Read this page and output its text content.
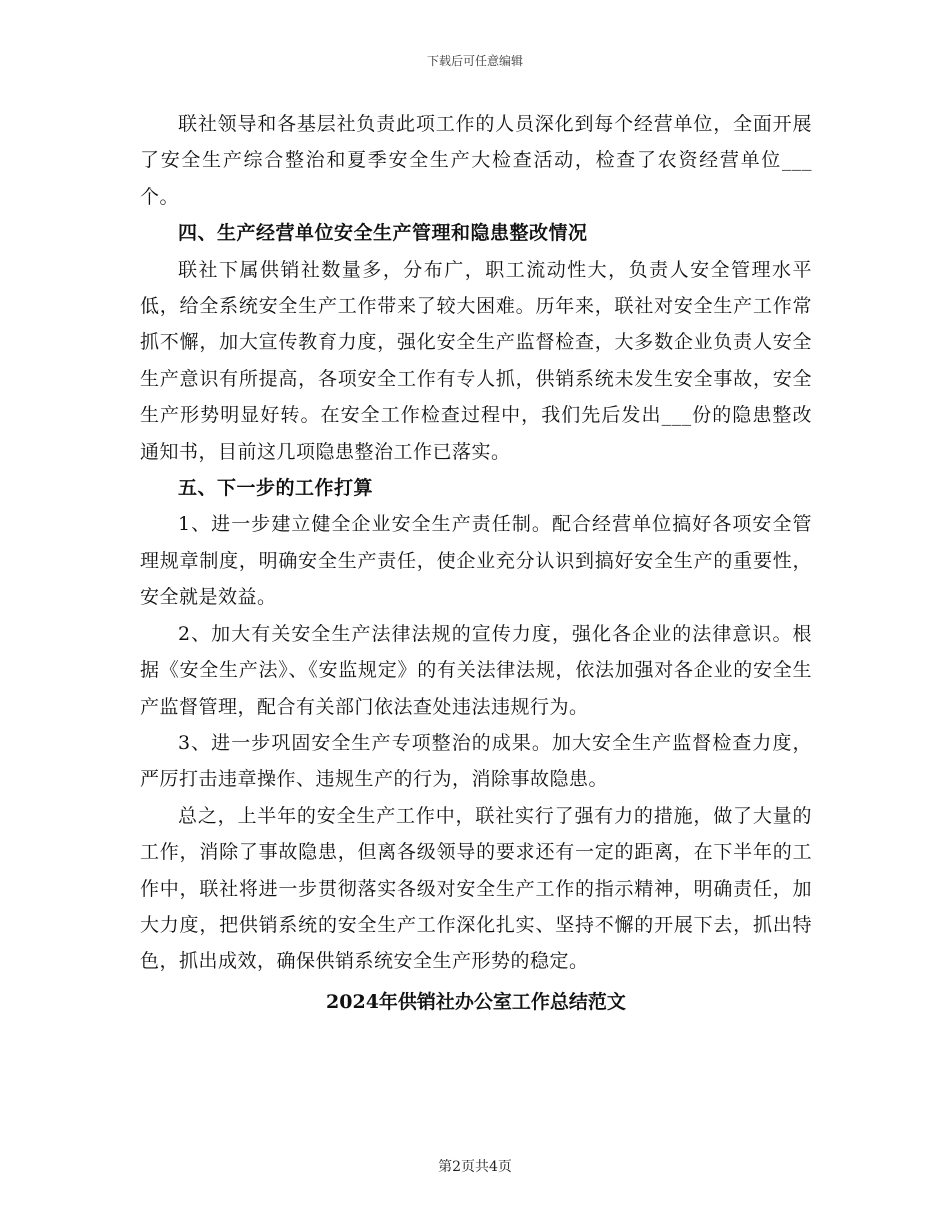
下载后可任意编辑

联社领导和各基层社负责此项工作的人员深化到每个经营单位，全面开展了安全生产综合整治和夏季安全生产大检查活动，检查了农资经营单位___个。

四、生产经营单位安全生产管理和隐患整改情况

联社下属供销社数量多，分布广，职工流动性大，负责人安全管理水平低，给全系统安全生产工作带来了较大困难。历年来，联社对安全生产工作常抓不懈，加大宣传教育力度，强化安全生产监督检查，大多数企业负责人安全生产意识有所提高，各项安全工作有专人抓，供销系统未发生安全事故，安全生产形势明显好转。在安全工作检查过程中，我们先后发出___份的隐患整改通知书，目前这几项隐患整治工作已落实。

五、下一步的工作打算

1、进一步建立健全企业安全生产责任制。配合经营单位搞好各项安全管理规章制度，明确安全生产责任，使企业充分认识到搞好安全生产的重要性，安全就是效益。

2、加大有关安全生产法律法规的宣传力度，强化各企业的法律意识。根据《安全生产法》、《安监规定》的有关法律法规，依法加强对各企业的安全生产监督管理，配合有关部门依法查处违法违规行为。

3、进一步巩固安全生产专项整治的成果。加大安全生产监督检查力度，严厉打击违章操作、违规生产的行为，消除事故隐患。

总之，上半年的安全生产工作中，联社实行了强有力的措施，做了大量的工作，消除了事故隐患，但离各级领导的要求还有一定的距离，在下半年的工作中，联社将进一步贯彻落实各级对安全生产工作的指示精神，明确责任，加大力度，把供销系统的安全生产工作深化扎实、坚持不懈的开展下去，抓出特色，抓出成效，确保供销系统安全生产形势的稳定。

2024年供销社办公室工作总结范文

第2页共4页
